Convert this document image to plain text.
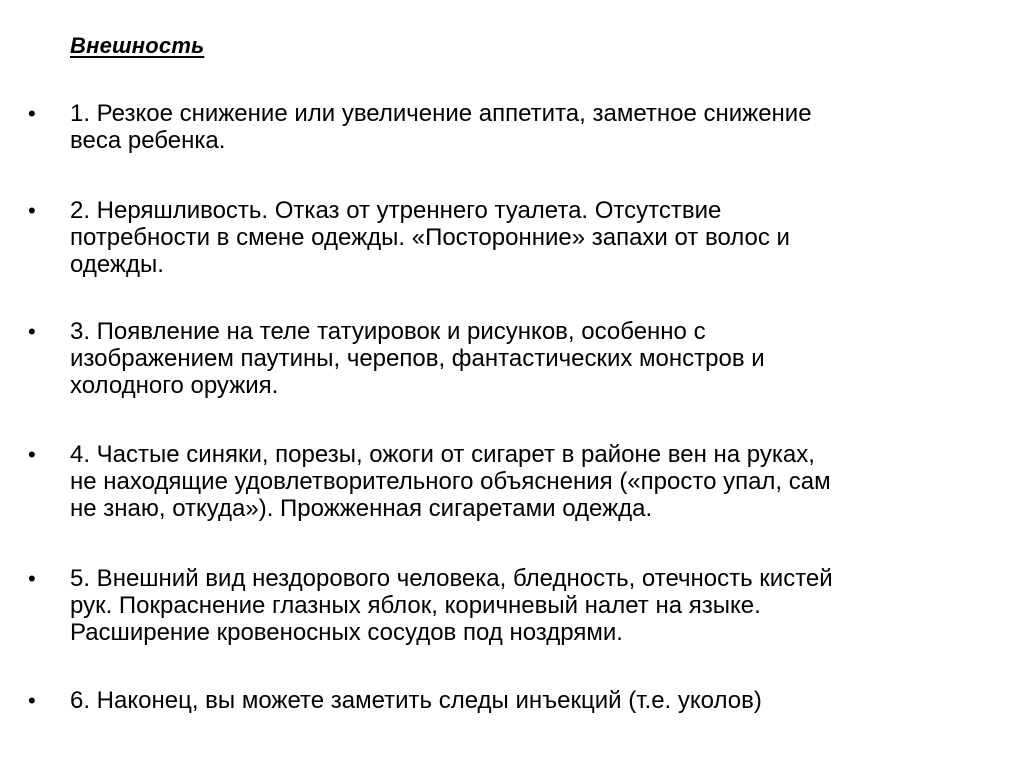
Внешность
•	1. Резкое снижение или увеличение аппетита, заметное снижение
веса ребенка.
•	2. Неряшливость. Отказ от утреннего туалета. Отсутствие
потребности в смене одежды. «Посторонние» запахи от волос и
одежды.
•	3. Появление на теле татуировок и рисунков, особенно с
изображением паутины, черепов, фантастических монстров и
холодного оружия.
•	4. Частые синяки, порезы, ожоги от сигарет в районе вен на руках,
не находящие удовлетворительного объяснения («просто упал, сам
не знаю, откуда»). Прожженная сигаретами одежда.
•	5. Внешний вид нездорового человека, бледность, отечность кистей
рук. Покраснение глазных яблок, коричневый налет на языке.
Расширение кровеносных сосудов под ноздрями.
•	6. Наконец, вы можете заметить следы инъекций (т.е. уколов)
